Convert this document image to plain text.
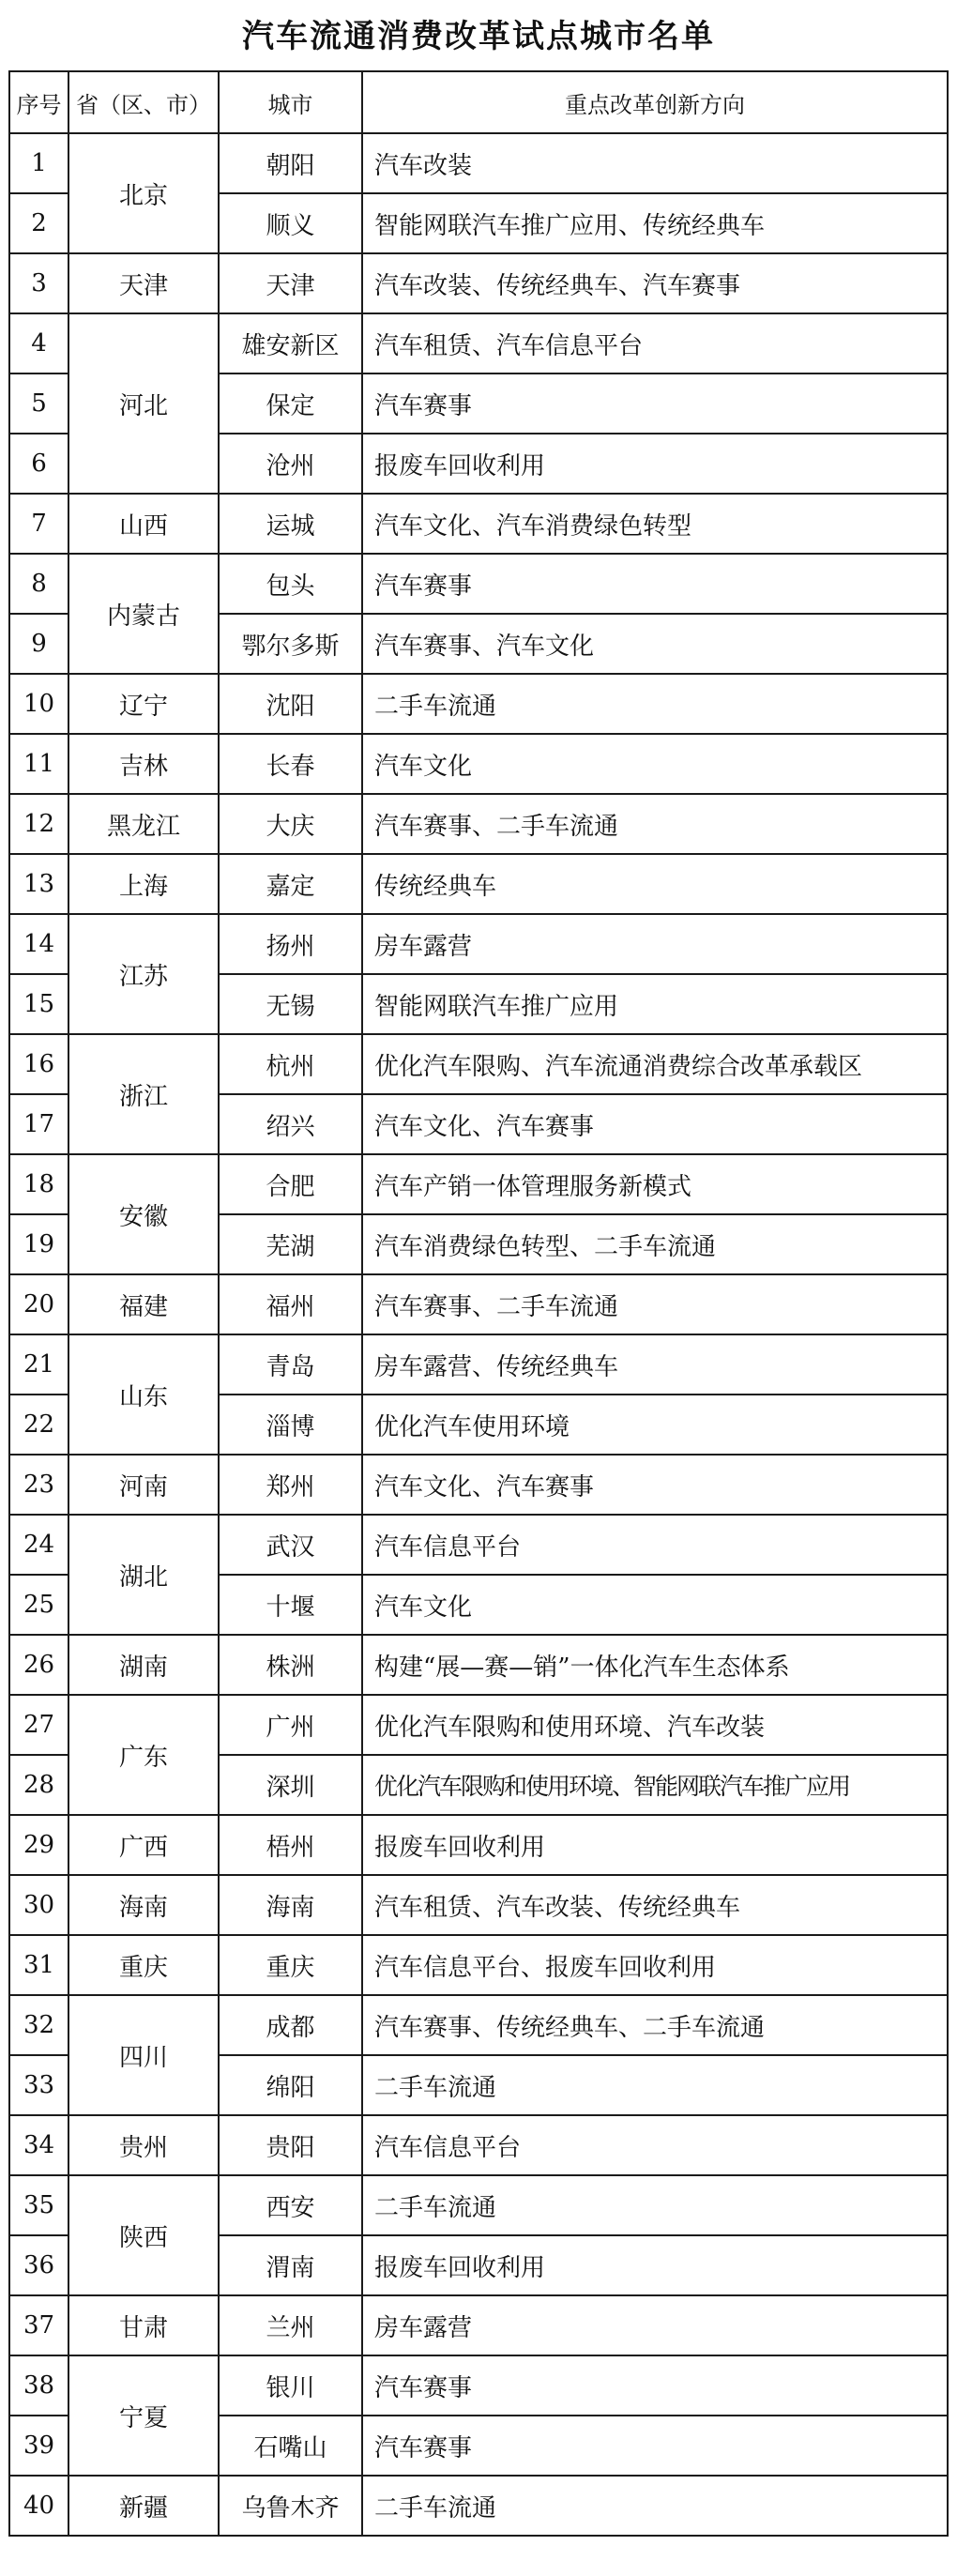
汽车流通消费改革试点城市名单
序号	省（区、市）	城市	重点改革创新方向
1	北京	朝阳	汽车改装
2		顺义	智能网联汽车推广应用、传统经典车
3	天津	天津	汽车改装、传统经典车、汽车赛事
4	河北	雄安新区	汽车租赁、汽车信息平台
5		保定	汽车赛事
6		沧州	报废车回收利用
7	山西	运城	汽车文化、汽车消费绿色转型
8	内蒙古	包头	汽车赛事
9		鄂尔多斯	汽车赛事、汽车文化
10	辽宁	沈阳	二手车流通
11	吉林	长春	汽车文化
12	黑龙江	大庆	汽车赛事、二手车流通
13	上海	嘉定	传统经典车
14	江苏	扬州	房车露营
15		无锡	智能网联汽车推广应用
16	浙江	杭州	优化汽车限购、汽车流通消费综合改革承载区
17		绍兴	汽车文化、汽车赛事
18	安徽	合肥	汽车产销一体管理服务新模式
19		芜湖	汽车消费绿色转型、二手车流通
20	福建	福州	汽车赛事、二手车流通
21	山东	青岛	房车露营、传统经典车
22		淄博	优化汽车使用环境
23	河南	郑州	汽车文化、汽车赛事
24	湖北	武汉	汽车信息平台
25		十堰	汽车文化
26	湖南	株洲	构建“展—赛—销”一体化汽车生态体系
27	广东	广州	优化汽车限购和使用环境、汽车改装
28		深圳	优化汽车限购和使用环境、智能网联汽车推广应用
29	广西	梧州	报废车回收利用
30	海南	海南	汽车租赁、汽车改装、传统经典车
31	重庆	重庆	汽车信息平台、报废车回收利用
32	四川	成都	汽车赛事、传统经典车、二手车流通
33		绵阳	二手车流通
34	贵州	贵阳	汽车信息平台
35	陕西	西安	二手车流通
36		渭南	报废车回收利用
37	甘肃	兰州	房车露营
38	宁夏	银川	汽车赛事
39		石嘴山	汽车赛事
40	新疆	乌鲁木齐	二手车流通
